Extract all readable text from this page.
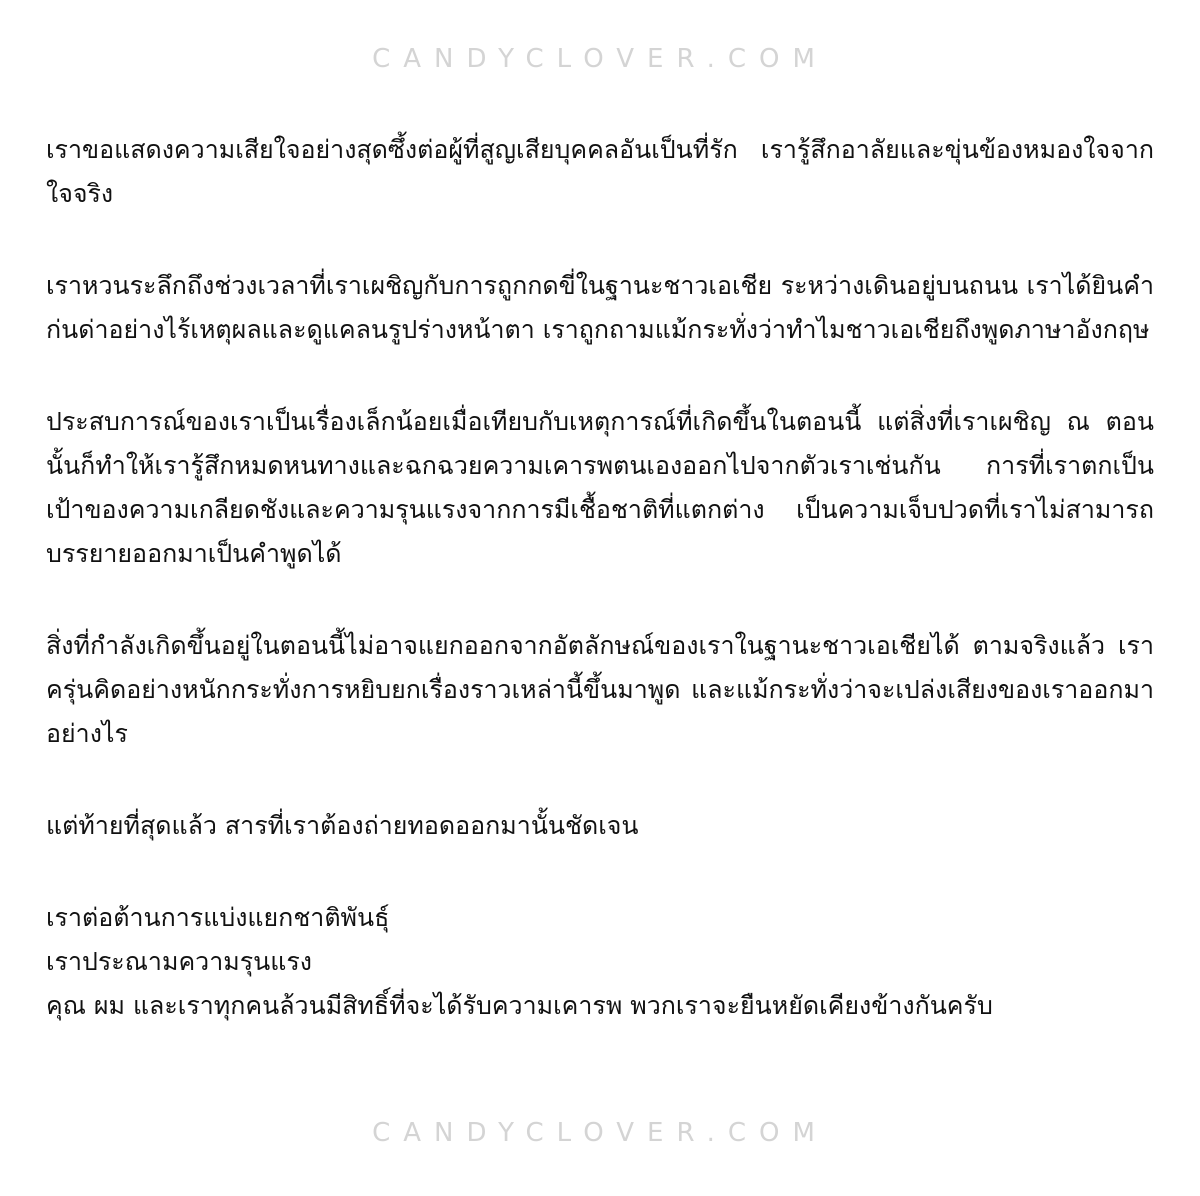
CANDYCLOVER.COM

เราขอแสดงความเสียใจอย่างสุดซึ้งต่อผู้ที่สูญเสียบุคคลอันเป็นที่รัก เรารู้สึกอาลัยและขุ่นข้องหมองใจจากใจจริง

เราหวนระลึกถึงช่วงเวลาที่เราเผชิญกับการถูกกดขี่ในฐานะชาวเอเชีย ระหว่างเดินอยู่บนถนน เราได้ยินคำก่นด่าอย่างไร้เหตุผลและดูแคลนรูปร่างหน้าตา เราถูกถามแม้กระทั่งว่าทำไมชาวเอเชียถึงพูดภาษาอังกฤษ

ประสบการณ์ของเราเป็นเรื่องเล็กน้อยเมื่อเทียบกับเหตุการณ์ที่เกิดขึ้นในตอนนี้ แต่สิ่งที่เราเผชิญ ณ ตอนนั้นก็ทำให้เรารู้สึกหมดหนทางและฉกฉวยความเคารพตนเองออกไปจากตัวเราเช่นกัน การที่เราตกเป็นเป้าของความเกลียดชังและความรุนแรงจากการมีเชื้อชาติที่แตกต่าง เป็นความเจ็บปวดที่เราไม่สามารถบรรยายออกมาเป็นคำพูดได้

สิ่งที่กำลังเกิดขึ้นอยู่ในตอนนี้ไม่อาจแยกออกจากอัตลักษณ์ของเราในฐานะชาวเอเชียได้ ตามจริงแล้ว เราครุ่นคิดอย่างหนักกระทั่งการหยิบยกเรื่องราวเหล่านี้ขึ้นมาพูด และแม้กระทั่งว่าจะเปล่งเสียงของเราออกมาอย่างไร

แต่ท้ายที่สุดแล้ว สารที่เราต้องถ่ายทอดออกมานั้นชัดเจน

เราต่อต้านการแบ่งแยกชาติพันธุ์
เราประณามความรุนแรง
คุณ ผม และเราทุกคนล้วนมีสิทธิ์ที่จะได้รับความเคารพ พวกเราจะยืนหยัดเคียงข้างกันครับ

CANDYCLOVER.COM
